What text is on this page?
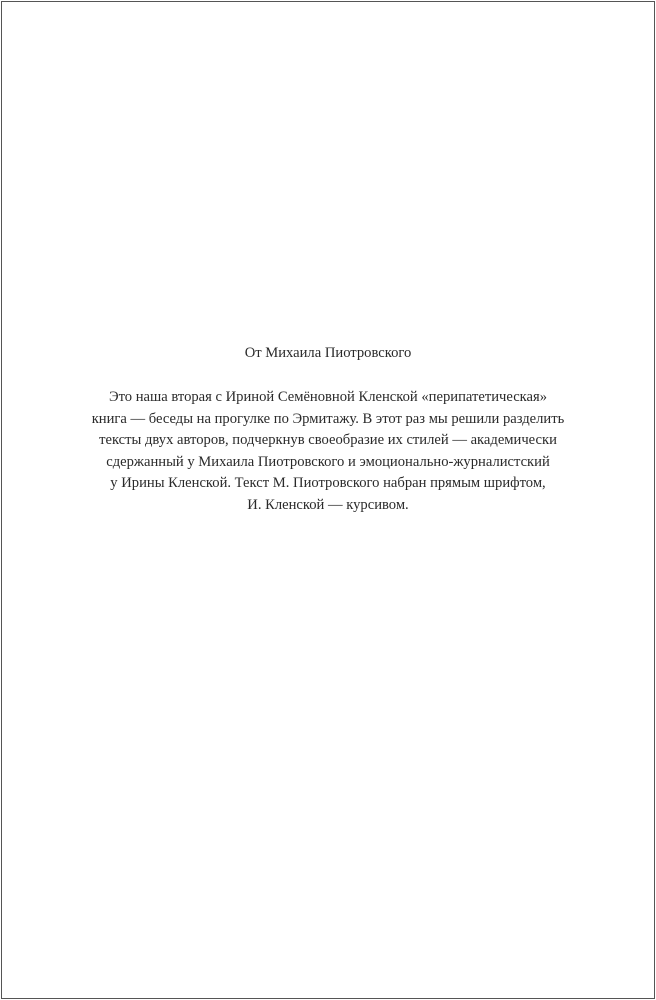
От Михаила Пиотровского
Это наша вторая с Ириной Семёновной Кленской «перипатетическая»
книга — беседы на прогулке по Эрмитажу. В этот раз мы решили разделить
тексты двух авторов, подчеркнув своеобразие их стилей — академически
сдержанный у Михаила Пиотровского и эмоционально-журналистский
у Ирины Кленской. Текст М. Пиотровского набран прямым шрифтом,
И. Кленской — курсивом.
